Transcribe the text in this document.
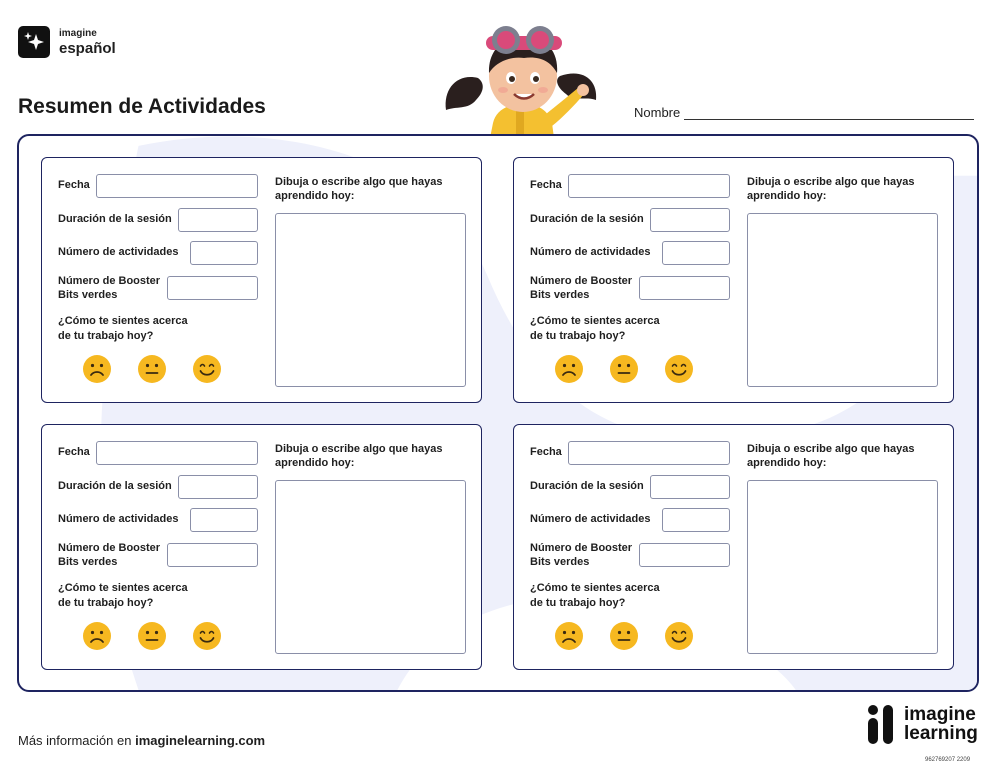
imagine
español
Resumen de Actividades	Nombre
Fecha
Duración de la sesión
Número de actividades
Número de Booster
Bits verdes
Dibuja o escribe algo que hayas aprendido hoy:
¿Cómo te sientes acerca
de tu trabajo hoy?
Fecha
Duración de la sesión
Número de actividades
Número de Booster
Bits verdes
Dibuja o escribe algo que hayas aprendido hoy:
¿Cómo te sientes acerca
de tu trabajo hoy?
Fecha
Duración de la sesión
Número de actividades
Número de Booster
Bits verdes
Dibuja o escribe algo que hayas aprendido hoy:
¿Cómo te sientes acerca
de tu trabajo hoy?
Fecha
Duración de la sesión
Número de actividades
Número de Booster
Bits verdes
Dibuja o escribe algo que hayas aprendido hoy:
¿Cómo te sientes acerca
de tu trabajo hoy?
Más información en imaginelearning.com
imagine
learning
962769207 2209
